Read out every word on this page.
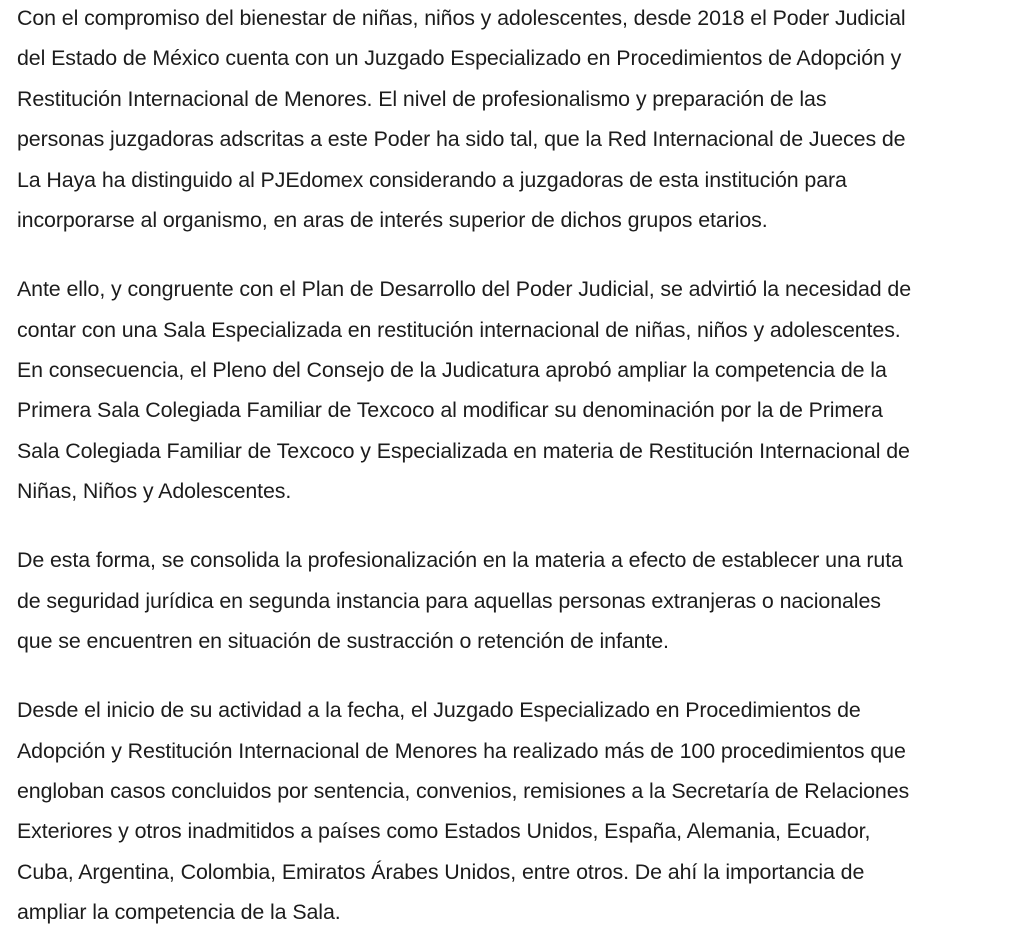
Con el compromiso del bienestar de niñas, niños y adolescentes, desde 2018 el Poder Judicial
del Estado de México cuenta con un Juzgado Especializado en Procedimientos de Adopción y
Restitución Internacional de Menores. El nivel de profesionalismo y preparación de las
personas juzgadoras adscritas a este Poder ha sido tal, que la Red Internacional de Jueces de
La Haya ha distinguido al PJEdomex considerando a juzgadoras de esta institución para
incorporarse al organismo, en aras de interés superior de dichos grupos etarios.

Ante ello, y congruente con el Plan de Desarrollo del Poder Judicial, se advirtió la necesidad de
contar con una Sala Especializada en restitución internacional de niñas, niños y adolescentes.
En consecuencia, el Pleno del Consejo de la Judicatura aprobó ampliar la competencia de la
Primera Sala Colegiada Familiar de Texcoco al modificar su denominación por la de Primera
Sala Colegiada Familiar de Texcoco y Especializada en materia de Restitución Internacional de
Niñas, Niños y Adolescentes.

De esta forma, se consolida la profesionalización en la materia a efecto de establecer una ruta
de seguridad jurídica en segunda instancia para aquellas personas extranjeras o nacionales
que se encuentren en situación de sustracción o retención de infante.

Desde el inicio de su actividad a la fecha, el Juzgado Especializado en Procedimientos de
Adopción y Restitución Internacional de Menores ha realizado más de 100 procedimientos que
engloban casos concluidos por sentencia, convenios, remisiones a la Secretaría de Relaciones
Exteriores y otros inadmitidos a países como Estados Unidos, España, Alemania, Ecuador,
Cuba, Argentina, Colombia, Emiratos Árabes Unidos, entre otros. De ahí la importancia de
ampliar la competencia de la Sala.
